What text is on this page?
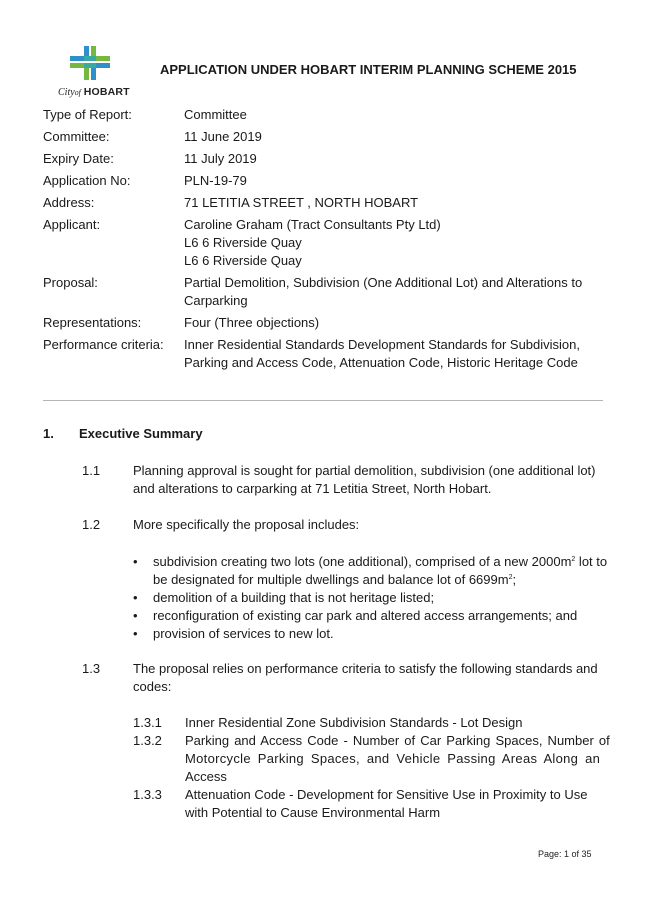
Cityof HOBART
APPLICATION UNDER HOBART INTERIM PLANNING SCHEME 2015
Type of Report:	Committee
Committee:	11 June 2019
Expiry Date:	11 July 2019
Application No:	PLN-19-79
Address:	71 LETITIA STREET , NORTH HOBART
Applicant:	Caroline Graham (Tract Consultants Pty Ltd)
L6 6 Riverside Quay
L6 6 Riverside Quay
Proposal:	Partial Demolition, Subdivision (One Additional Lot) and Alterations to
Carparking
Representations:	Four (Three objections)
Performance criteria:	Inner Residential Standards Development Standards for Subdivision,
Parking and Access Code, Attenuation Code, Historic Heritage Code
1. Executive Summary
1.1	Planning approval is sought for partial demolition, subdivision (one additional lot)
and alterations to carparking at 71 Letitia Street, North Hobart.
1.2	More specifically the proposal includes:
• subdivision creating two lots (one additional), comprised of a new $2000m^2$ lot to
be designated for multiple dwellings and balance lot of $6699m^2$;
• demolition of a building that is not heritage listed;
• reconfiguration of existing car park and altered access arrangements; and
• provision of services to new lot.
1.3	The proposal relies on performance criteria to satisfy the following standards and
codes:
1.3.1 Inner Residential Zone Subdivision Standards - Lot Design
1.3.2 Parking and Access Code - Number of Car Parking Spaces, Number of
Motorcycle Parking Spaces, and Vehicle Passing Areas Along an
Access
1.3.3 Attenuation Code - Development for Sensitive Use in Proximity to Use
with Potential to Cause Environmental Harm
Page: 1 of 35
